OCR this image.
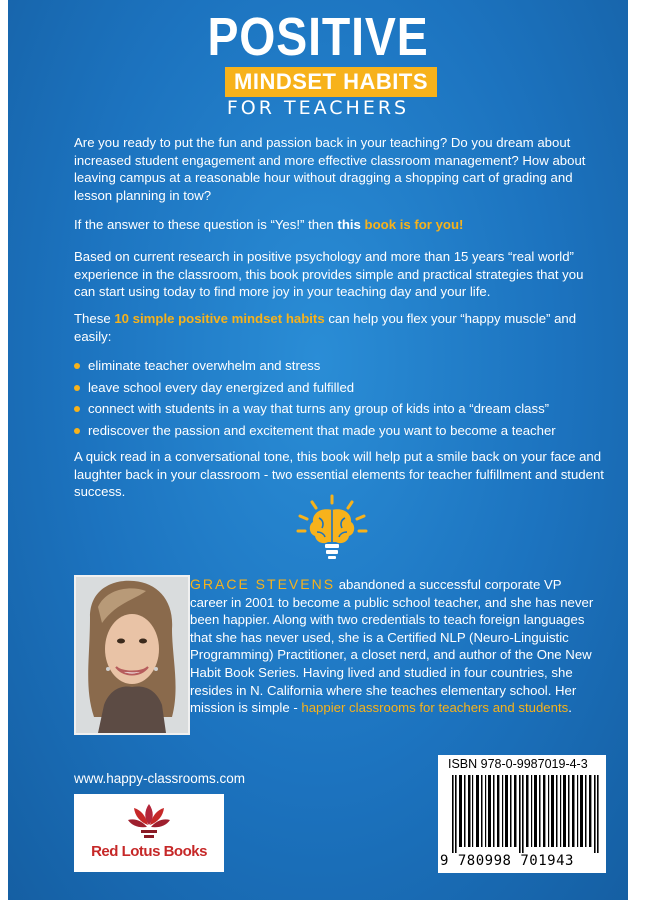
POSITIVE
MINDSET HABITS
FOR TEACHERS

Are you ready to put the fun and passion back in your teaching? Do you dream about increased student engagement and more effective classroom management? How about leaving campus at a reasonable hour without dragging a shopping cart of grading and lesson planning in tow?

If the answer to these question is “Yes!” then this book is for you!

Based on current research in positive psychology and more than 15 years “real world” experience in the classroom, this book provides simple and practical strategies that you can start using today to find more joy in your teaching day and your life.

These 10 simple positive mindset habits can help you flex your “happy muscle” and easily:

eliminate teacher overwhelm and stress
leave school every day energized and fulfilled
connect with students in a way that turns any group of kids into a “dream class”
rediscover the passion and excitement that made you want to become a teacher

A quick read in a conversational tone, this book will help put a smile back on your face and laughter back in your classroom - two essential elements for teacher fulfillment and student success.

GRACE STEVENS abandoned a successful corporate VP career in 2001 to become a public school teacher, and she has never been happier. Along with two credentials to teach foreign languages that she has never used, she is a Certified NLP (Neuro-Linguistic Programming) Practitioner, a closet nerd, and author of the One New Habit Book Series. Having lived and studied in four countries, she resides in N. California where she teaches elementary school. Her mission is simple - happier classrooms for teachers and students.

www.happy-classrooms.com
Red Lotus Books
ISBN 978-0-9987019-4-3
9 780998 701943
